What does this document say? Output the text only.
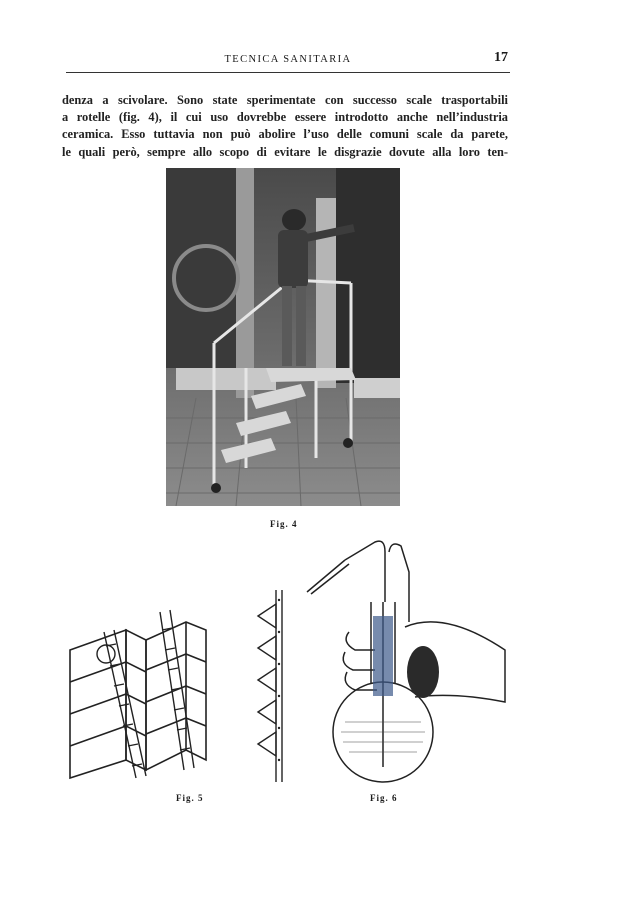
TECNICA SANITARIA	17
denza a scivolare. Sono state sperimentate con successo scale trasportabili
a rotelle (fig. 4), il cui uso dovrebbe essere introdotto anche nell’industria
ceramica. Esso tuttavia non può abolire l’uso delle comuni scale da parete,
le quali però, sempre allo scopo di evitare le disgrazie dovute alla loro ten-
Fig. 4
Fig. 5	Fig. 6
